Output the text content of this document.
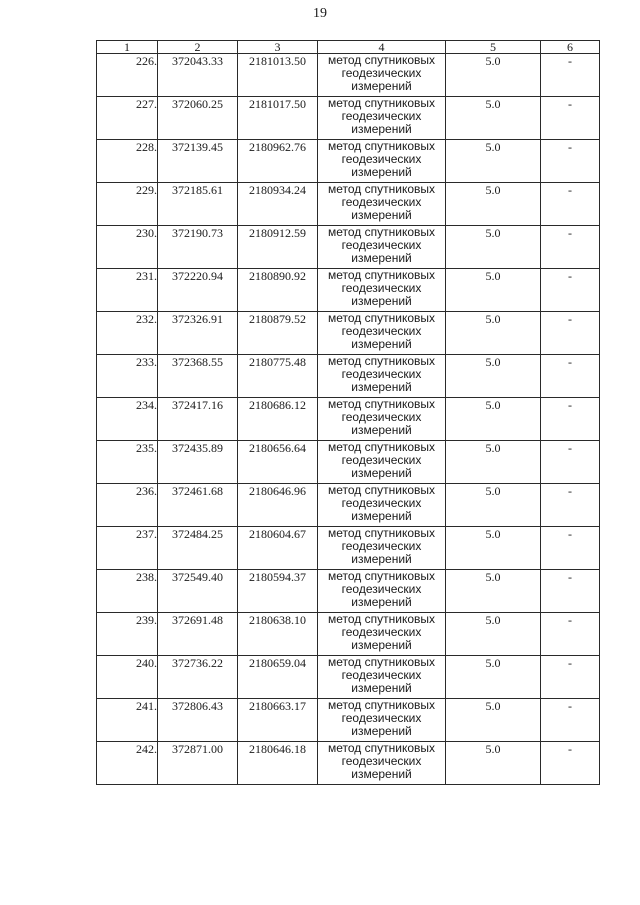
19
1	2	3	4	5	6
226.	372043.33	2181013.50	метод спутниковых геодезических измерений	5.0	-
227.	372060.25	2181017.50	метод спутниковых геодезических измерений	5.0	-
228.	372139.45	2180962.76	метод спутниковых геодезических измерений	5.0	-
229.	372185.61	2180934.24	метод спутниковых геодезических измерений	5.0	-
230.	372190.73	2180912.59	метод спутниковых геодезических измерений	5.0	-
231.	372220.94	2180890.92	метод спутниковых геодезических измерений	5.0	-
232.	372326.91	2180879.52	метод спутниковых геодезических измерений	5.0	-
233.	372368.55	2180775.48	метод спутниковых геодезических измерений	5.0	-
234.	372417.16	2180686.12	метод спутниковых геодезических измерений	5.0	-
235.	372435.89	2180656.64	метод спутниковых геодезических измерений	5.0	-
236.	372461.68	2180646.96	метод спутниковых геодезических измерений	5.0	-
237.	372484.25	2180604.67	метод спутниковых геодезических измерений	5.0	-
238.	372549.40	2180594.37	метод спутниковых геодезических измерений	5.0	-
239.	372691.48	2180638.10	метод спутниковых геодезических измерений	5.0	-
240.	372736.22	2180659.04	метод спутниковых геодезических измерений	5.0	-
241.	372806.43	2180663.17	метод спутниковых геодезических измерений	5.0	-
242.	372871.00	2180646.18	метод спутниковых геодезических измерений	5.0	-
